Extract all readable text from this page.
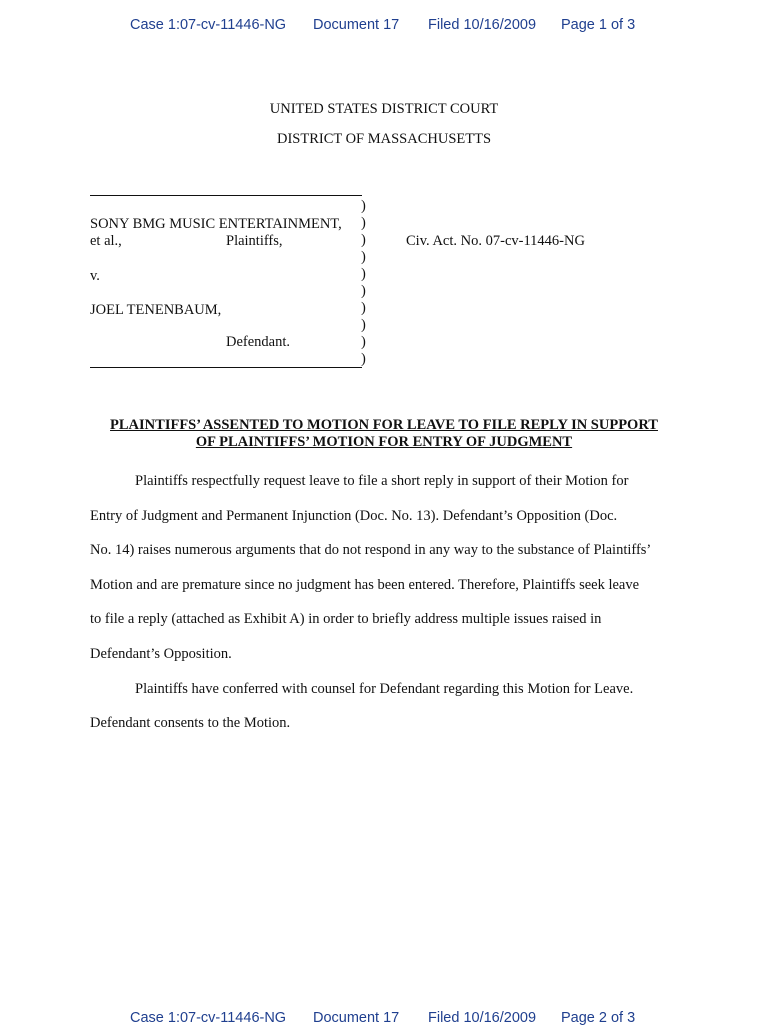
Case 1:07-cv-11446-NG Document 17 Filed 10/16/2009 Page 1 of 3
UNITED STATES DISTRICT COURT
DISTRICT OF MASSACHUSETTS
)
)
)
)
)
)
)
)
)
)
SONY BMG MUSIC ENTERTAINMENT,
et al.,	Plaintiffs,	Civ. Act. No. 07-cv-11446-NG
v.
JOEL TENENBAUM,
Defendant.
PLAINTIFFS’ ASSENTED TO MOTION FOR LEAVE TO FILE REPLY IN SUPPORT
OF PLAINTIFFS’ MOTION FOR ENTRY OF JUDGMENT
Plaintiffs respectfully request leave to file a short reply in support of their Motion for
Entry of Judgment and Permanent Injunction (Doc. No. 13). Defendant’s Opposition (Doc.
No. 14) raises numerous arguments that do not respond in any way to the substance of Plaintiffs’
Motion and are premature since no judgment has been entered. Therefore, Plaintiffs seek leave
to file a reply (attached as Exhibit A) in order to briefly address multiple issues raised in
Defendant’s Opposition.
Plaintiffs have conferred with counsel for Defendant regarding this Motion for Leave.
Defendant consents to the Motion.
Case 1:07-cv-11446-NG Document 17 Filed 10/16/2009 Page 2 of 3
